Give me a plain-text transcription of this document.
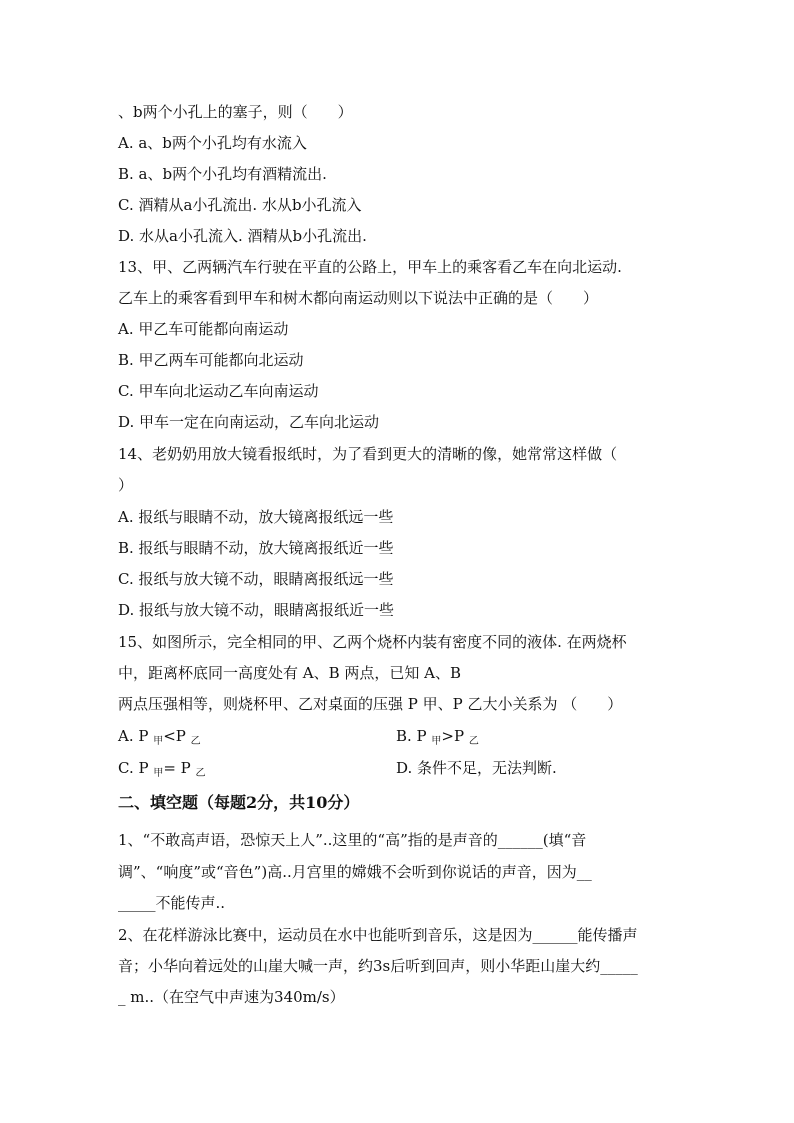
、b两个小孔上的塞子，则（　　）
A. a、b两个小孔均有水流入
B. a、b两个小孔均有酒精流出.
C. 酒精从a小孔流出. 水从b小孔流入
D. 水从a小孔流入. 酒精从b小孔流出.
13、甲、乙两辆汽车行驶在平直的公路上，甲车上的乘客看乙车在向北运动.
乙车上的乘客看到甲车和树木都向南运动则以下说法中正确的是（　　）
A. 甲乙车可能都向南运动
B. 甲乙两车可能都向北运动
C. 甲车向北运动乙车向南运动
D. 甲车一定在向南运动，乙车向北运动
14、老奶奶用放大镜看报纸时，为了看到更大的清晰的像，她常常这样做（
）
A. 报纸与眼睛不动，放大镜离报纸远一些
B. 报纸与眼睛不动，放大镜离报纸近一些
C. 报纸与放大镜不动，眼睛离报纸远一些
D. 报纸与放大镜不动，眼睛离报纸近一些
15、如图所示，完全相同的甲、乙两个烧杯内装有密度不同的液体. 在两烧杯
中，距离杯底同一高度处有 A、B 两点，已知 A、B
两点压强相等，则烧杯甲、乙对桌面的压强 P 甲、P 乙大小关系为 （　　）
A. P $_甲$<P $_乙$	B. P $_甲$>P $_乙$
C. P $_甲$= P $_乙$	D. 条件不足，无法判断.
二、填空题（每题2分，共10分）
1、“不敢高声语，恐惊天上人”..这里的“高”指的是声音的______(填“音
调”、“响度”或“音色”)高..月宫里的嫦娥不会听到你说话的声音，因为__
_____不能传声..
2、在花样游泳比赛中，运动员在水中也能听到音乐，这是因为______能传播声
音；小华向着远处的山崖大喊一声，约3s后听到回声，则小华距山崖大约_____
_ m..（在空气中声速为340m/s）
